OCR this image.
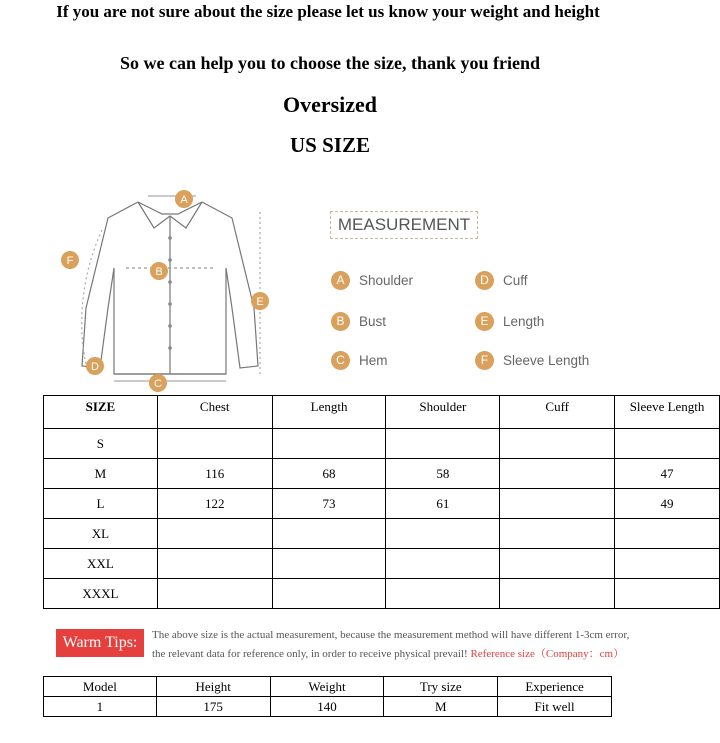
If you are not sure about the size please let us know your weight and height
So we can help you to choose the size, thank you friend
Oversized
US SIZE
A
B
C
D
E
F
MEASUREMENT
A	Shoulder	D	Cuff
B	Bust	E	Length
C	Hem	F	Sleeve Length
SIZE	Chest	Length	Shoulder	Cuff	Sleeve Length
S					
M	116	68	58		47
L	122	73	61		49
XL					
XXL					
XXXL					
Warm Tips:	The above size is the actual measurement, because the measurement method will have different 1-3cm error,
the relevant data for reference only, in order to receive physical prevail! Reference size（Company：cm）
Model	Height	Weight	Try size	Experience
1	175	140	M	Fit well
